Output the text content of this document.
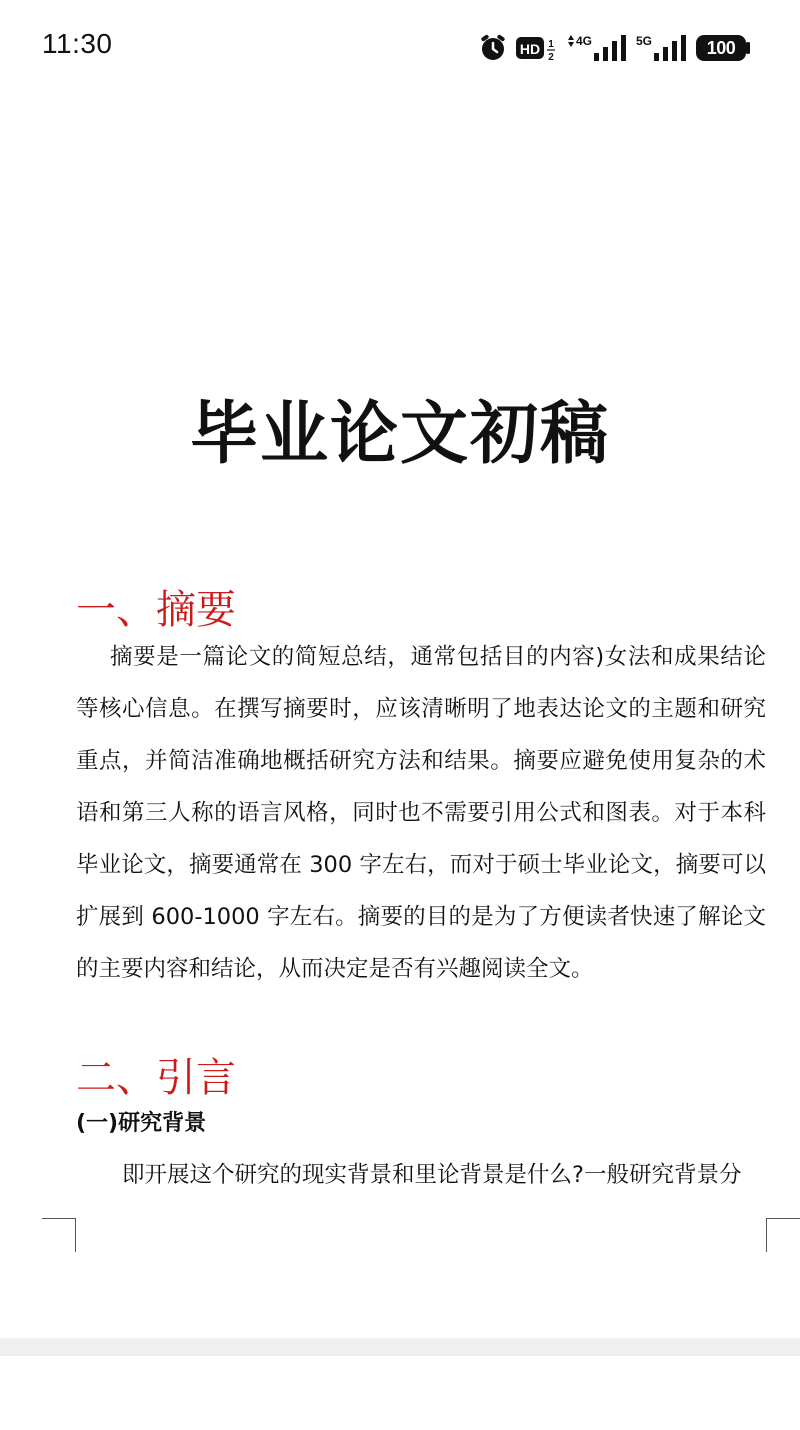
11:30	HD 1
2
4G	5G	100
毕业论文初稿
一、摘要
摘要是一篇论文的简短总结，通常包括目的内容)女法和成果结论等核心信息。在撰写摘要时，应该清晰明了地表达论文的主题和研究重点，并简洁准确地概括研究方法和结果。摘要应避免使用复杂的术语和第三人称的语言风格，同时也不需要引用公式和图表。对于本科毕业论文，摘要通常在 300 字左右，而对于硕士毕业论文，摘要可以扩展到 600-1000 字左右。摘要的目的是为了方便读者快速了解论文的主要内容和结论，从而决定是否有兴趣阅读全文。
二、引言
(一)研究背景
即开展这个研究的现实背景和里论背景是什么?一般研究背景分
